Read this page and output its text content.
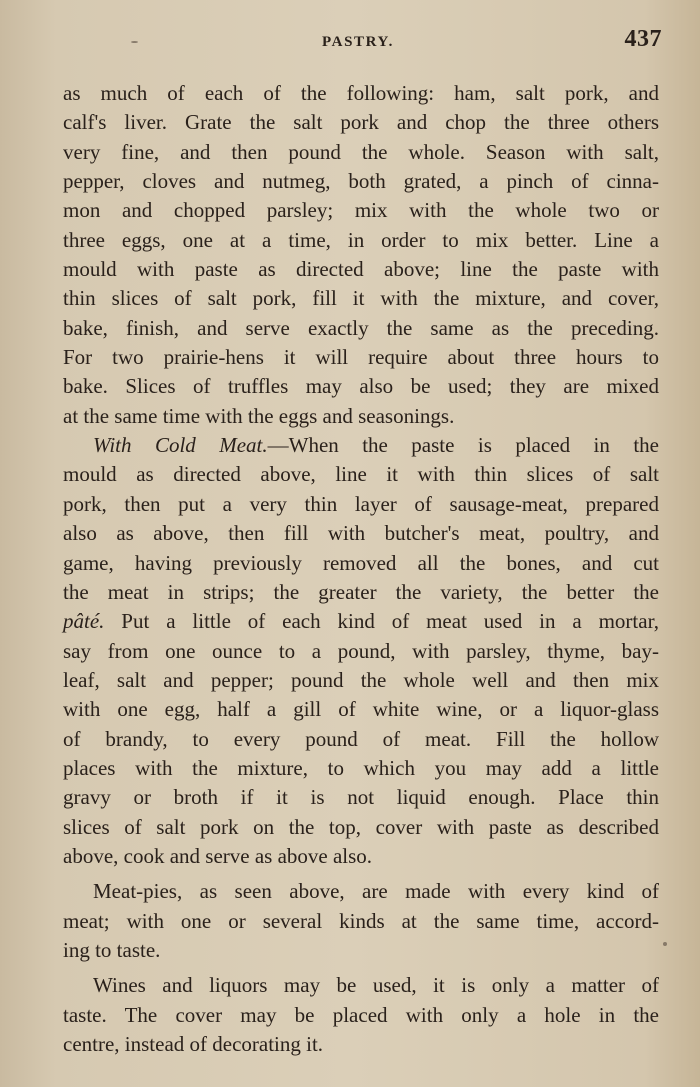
PASTRY.	437
as much of each of the following: ham, salt pork, and
calf's liver. Grate the salt pork and chop the three others
very fine, and then pound the whole. Season with salt,
pepper, cloves and nutmeg, both grated, a pinch of cinna-
mon and chopped parsley; mix with the whole two or
three eggs, one at a time, in order to mix better. Line a
mould with paste as directed above; line the paste with
thin slices of salt pork, fill it with the mixture, and cover,
bake, finish, and serve exactly the same as the preceding.
For two prairie-hens it will require about three hours to
bake. Slices of truffles may also be used; they are mixed
at the same time with the eggs and seasonings.
With Cold Meat.—When the paste is placed in the
mould as directed above, line it with thin slices of salt
pork, then put a very thin layer of sausage-meat, prepared
also as above, then fill with butcher's meat, poultry, and
game, having previously removed all the bones, and cut
the meat in strips; the greater the variety, the better the
pâté. Put a little of each kind of meat used in a mortar,
say from one ounce to a pound, with parsley, thyme, bay-
leaf, salt and pepper; pound the whole well and then mix
with one egg, half a gill of white wine, or a liquor-glass
of brandy, to every pound of meat. Fill the hollow
places with the mixture, to which you may add a little
gravy or broth if it is not liquid enough. Place thin
slices of salt pork on the top, cover with paste as described
above, cook and serve as above also.
Meat-pies, as seen above, are made with every kind of
meat; with one or several kinds at the same time, accord-
ing to taste.
Wines and liquors may be used, it is only a matter of
taste. The cover may be placed with only a hole in the
centre, instead of decorating it.
